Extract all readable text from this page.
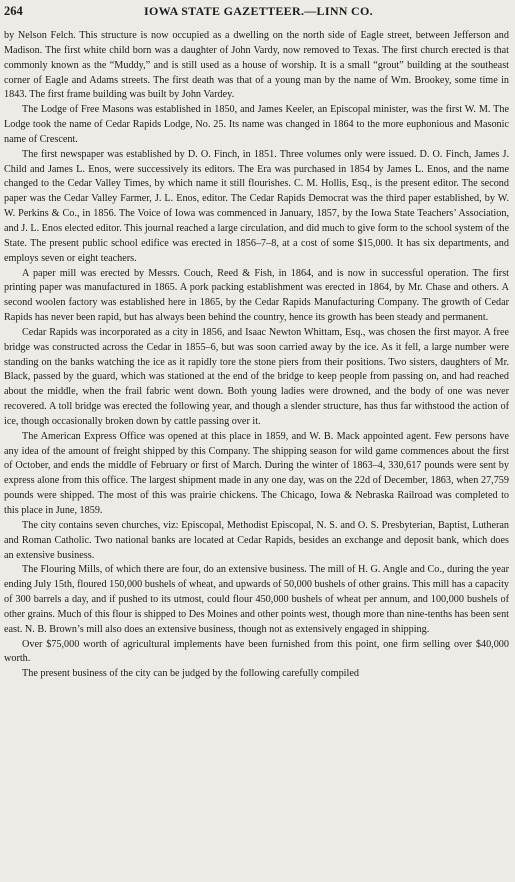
264	IOWA STATE GAZETTEER.—LINN CO.

by Nelson Felch. This structure is now occupied as a dwelling on the north side of Eagle street, between Jefferson and Madison. The first white child born was a daughter of John Vardy, now removed to Texas. The first church erected is that commonly known as the “Muddy,” and is still used as a house of worship. It is a small “grout” building at the southeast corner of Eagle and Adams streets. The first death was that of a young man by the name of Wm. Brookey, some time in 1843. The first frame building was built by John Vardey.

The Lodge of Free Masons was established in 1850, and James Keeler, an Episcopal minister, was the first W. M. The Lodge took the name of Cedar Rapids Lodge, No. 25. Its name was changed in 1864 to the more euphonious and Masonic name of Crescent.

The first newspaper was established by D. O. Finch, in 1851. Three volumes only were issued. D. O. Finch, James J. Child and James L. Enos, were successively its editors. The Era was purchased in 1854 by James L. Enos, and the name changed to the Cedar Valley Times, by which name it still flourishes. C. M. Hollis, Esq., is the present editor. The second paper was the Cedar Valley Farmer, J. L. Enos, editor. The Cedar Rapids Democrat was the third paper established, by W. W. Perkins & Co., in 1856. The Voice of Iowa was commenced in January, 1857, by the Iowa State Teachers’ Association, and J. L. Enos elected editor. This journal reached a large circulation, and did much to give form to the school system of the State. The present public school edifice was erected in 1856–7–8, at a cost of some $15,000. It has six departments, and employs seven or eight teachers.

A paper mill was erected by Messrs. Couch, Reed & Fish, in 1864, and is now in successful operation. The first printing paper was manufactured in 1865. A pork packing establishment was erected in 1864, by Mr. Chase and others. A second woolen factory was established here in 1865, by the Cedar Rapids Manufacturing Company. The growth of Cedar Rapids has never been rapid, but has always been behind the country, hence its growth has been steady and permanent.

Cedar Rapids was incorporated as a city in 1856, and Isaac Newton Whittam, Esq., was chosen the first mayor. A free bridge was constructed across the Cedar in 1855–6, but was soon carried away by the ice. As it fell, a large number were standing on the banks watching the ice as it rapidly tore the stone piers from their positions. Two sisters, daughters of Mr. Black, passed by the guard, which was stationed at the end of the bridge to keep people from passing on, and had reached about the middle, when the frail fabric went down. Both young ladies were drowned, and the body of one was never recovered. A toll bridge was erected the following year, and though a slender structure, has thus far withstood the action of ice, though occasionally broken down by cattle passing over it.

The American Express Office was opened at this place in 1859, and W. B. Mack appointed agent. Few persons have any idea of the amount of freight shipped by this Company. The shipping season for wild game commences about the first of October, and ends the middle of February or first of March. During the winter of 1863–4, 330,617 pounds were sent by express alone from this office. The largest shipment made in any one day, was on the 22d of December, 1863, when 27,759 pounds were shipped. The most of this was prairie chickens. The Chicago, Iowa & Nebraska Railroad was completed to this place in June, 1859.

The city contains seven churches, viz: Episcopal, Methodist Episcopal, N. S. and O. S. Presbyterian, Baptist, Lutheran and Roman Catholic. Two national banks are located at Cedar Rapids, besides an exchange and deposit bank, which does an extensive business.

The Flouring Mills, of which there are four, do an extensive business. The mill of H. G. Angle and Co., during the year ending July 15th, floured 150,000 bushels of wheat, and upwards of 50,000 bushels of other grains. This mill has a capacity of 300 barrels a day, and if pushed to its utmost, could flour 450,000 bushels of wheat per annum, and 100,000 bushels of other grains. Much of this flour is shipped to Des Moines and other points west, though more than nine-tenths has been sent east. N. B. Brown’s mill also does an extensive business, though not as extensively engaged in shipping.

Over $75,000 worth of agricultural implements have been furnished from this point, one firm selling over $40,000 worth.

The present business of the city can be judged by the following carefully compiled
